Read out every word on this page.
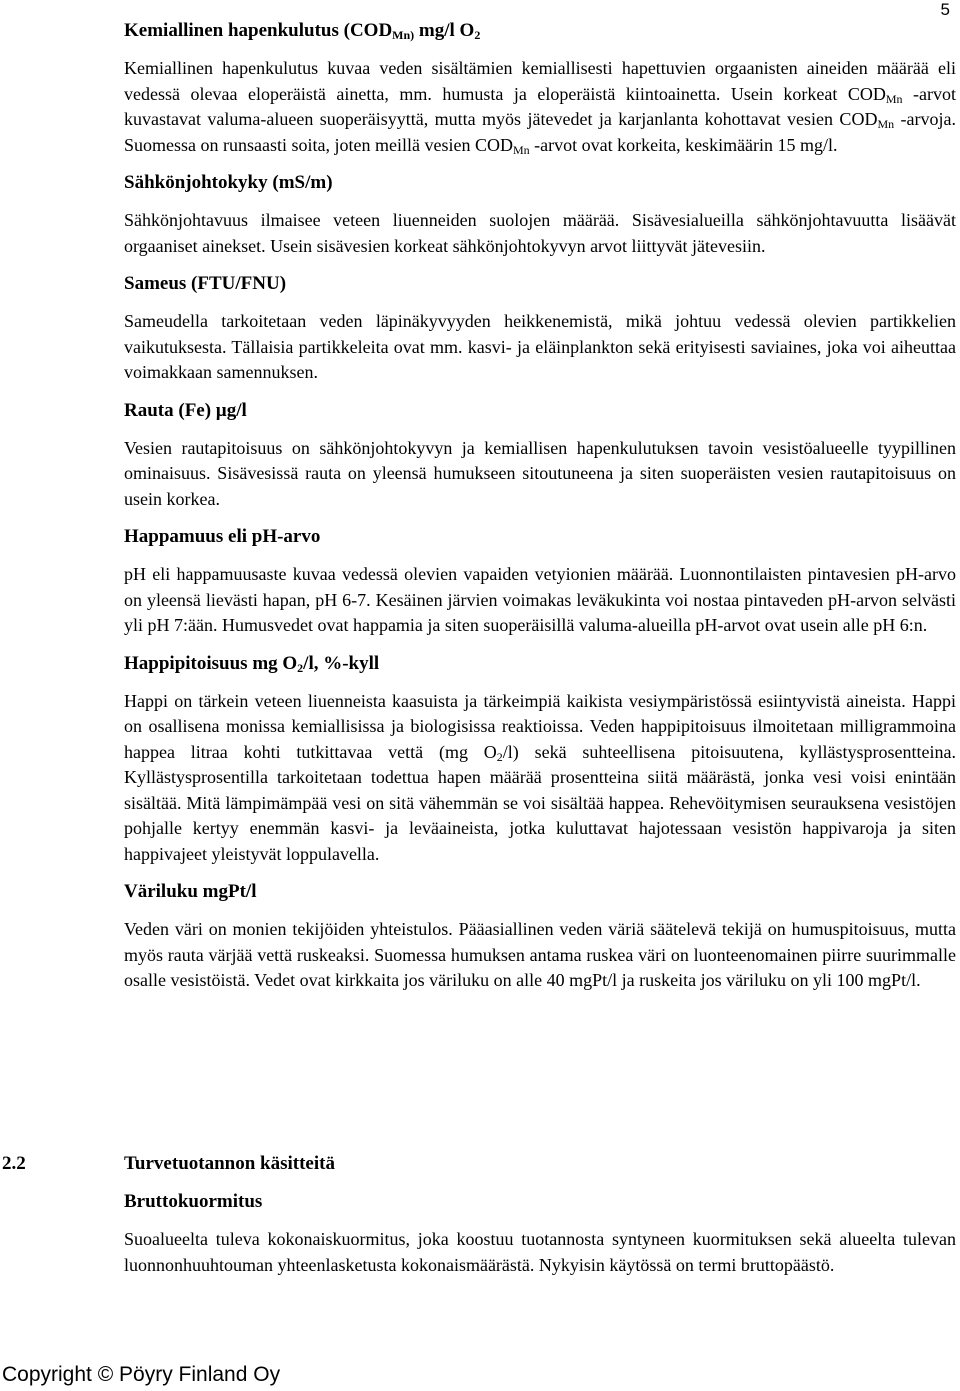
5
Kemiallinen hapenkulutus ($COD_{Mn)}$ mg/l $O_2$

Kemiallinen hapenkulutus kuvaa veden sisältämien kemiallisesti hapettuvien orgaanisten aineiden määrää eli vedessä olevaa eloperäistä ainetta, mm. humusta ja eloperäistä kiintoainetta. Usein korkeat $COD_{Mn}$ -arvot kuvastavat valuma-alueen suoperäisyyttä, mutta myös jätevedet ja karjanlanta kohottavat vesien $COD_{Mn}$ -arvoja. Suomessa on runsaasti soita, joten meillä vesien $COD_{Mn}$ -arvot ovat korkeita, keskimäärin 15 mg/l.

Sähkönjohtokyky (mS/m)

Sähkönjohtavuus ilmaisee veteen liuenneiden suolojen määrää. Sisävesialueilla sähkönjohtavuutta lisäävät orgaaniset ainekset. Usein sisävesien korkeat sähkönjohtokyvyn arvot liittyvät jätevesiin.

Sameus (FTU/FNU)

Sameudella tarkoitetaan veden läpinäkyvyyden heikkenemistä, mikä johtuu vedessä olevien partikkelien vaikutuksesta. Tällaisia partikkeleita ovat mm. kasvi- ja eläinplankton sekä erityisesti saviaines, joka voi aiheuttaa voimakkaan samennuksen.

Rauta (Fe) µg/l

Vesien rautapitoisuus on sähkönjohtokyvyn ja kemiallisen hapenkulutuksen tavoin vesistöalueelle tyypillinen ominaisuus. Sisävesissä rauta on yleensä humukseen sitoutuneena ja siten suoperäisten vesien rautapitoisuus on usein korkea.

Happamuus eli pH-arvo

pH eli happamuusaste kuvaa vedessä olevien vapaiden vetyionien määrää. Luonnontilaisten pintavesien pH-arvo on yleensä lievästi hapan, pH 6-7. Kesäinen järvien voimakas leväkukinta voi nostaa pintaveden pH-arvon selvästi yli pH 7:ään. Humusvedet ovat happamia ja siten suoperäisillä valuma-alueilla pH-arvot ovat usein alle pH 6:n.

Happipitoisuus mg $O_2/l$, %-kyll

Happi on tärkein veteen liuenneista kaasuista ja tärkeimpiä kaikista vesiympäristössä esiintyvistä aineista. Happi on osallisena monissa kemiallisissa ja biologisissa reaktioissa. Veden happipitoisuus ilmoitetaan milligrammoina happea litraa kohti tutkittavaa vettä (mg $O_2/l$) sekä suhteellisena pitoisuutena, kyllästysprosentteina. Kyllästysprosentilla tarkoitetaan todettua hapen määrää prosentteina siitä määrästä, jonka vesi voisi enintään sisältää. Mitä lämpimämpää vesi on sitä vähemmän se voi sisältää happea. Rehevöitymisen seurauksena vesistöjen pohjalle kertyy enemmän kasvi- ja leväaineista, jotka kuluttavat hajotessaan vesistön happivaroja ja siten happivajeet yleistyvät loppulavella.

Väriluku mgPt/l

Veden väri on monien tekijöiden yhteistulos. Pääasiallinen veden väriä säätelevä tekijä on humuspitoisuus, mutta myös rauta värjää vettä ruskeaksi. Suomessa humuksen antama ruskea väri on luonteenomainen piirre suurimmalle osalle vesistöistä. Vedet ovat kirkkaita jos väriluku on alle 40 mgPt/l ja ruskeita jos väriluku on yli 100 mgPt/l.

2.2	Turvetuotannon käsitteitä
Bruttokuormitus

Suoalueelta tuleva kokonaiskuormitus, joka koostuu tuotannosta syntyneen kuormituksen sekä alueelta tulevan luonnonhuuhtouman yhteenlasketusta kokonaismäärästä. Nykyisin käytössä on termi bruttopäästö.

Copyright © Pöyry Finland Oy
